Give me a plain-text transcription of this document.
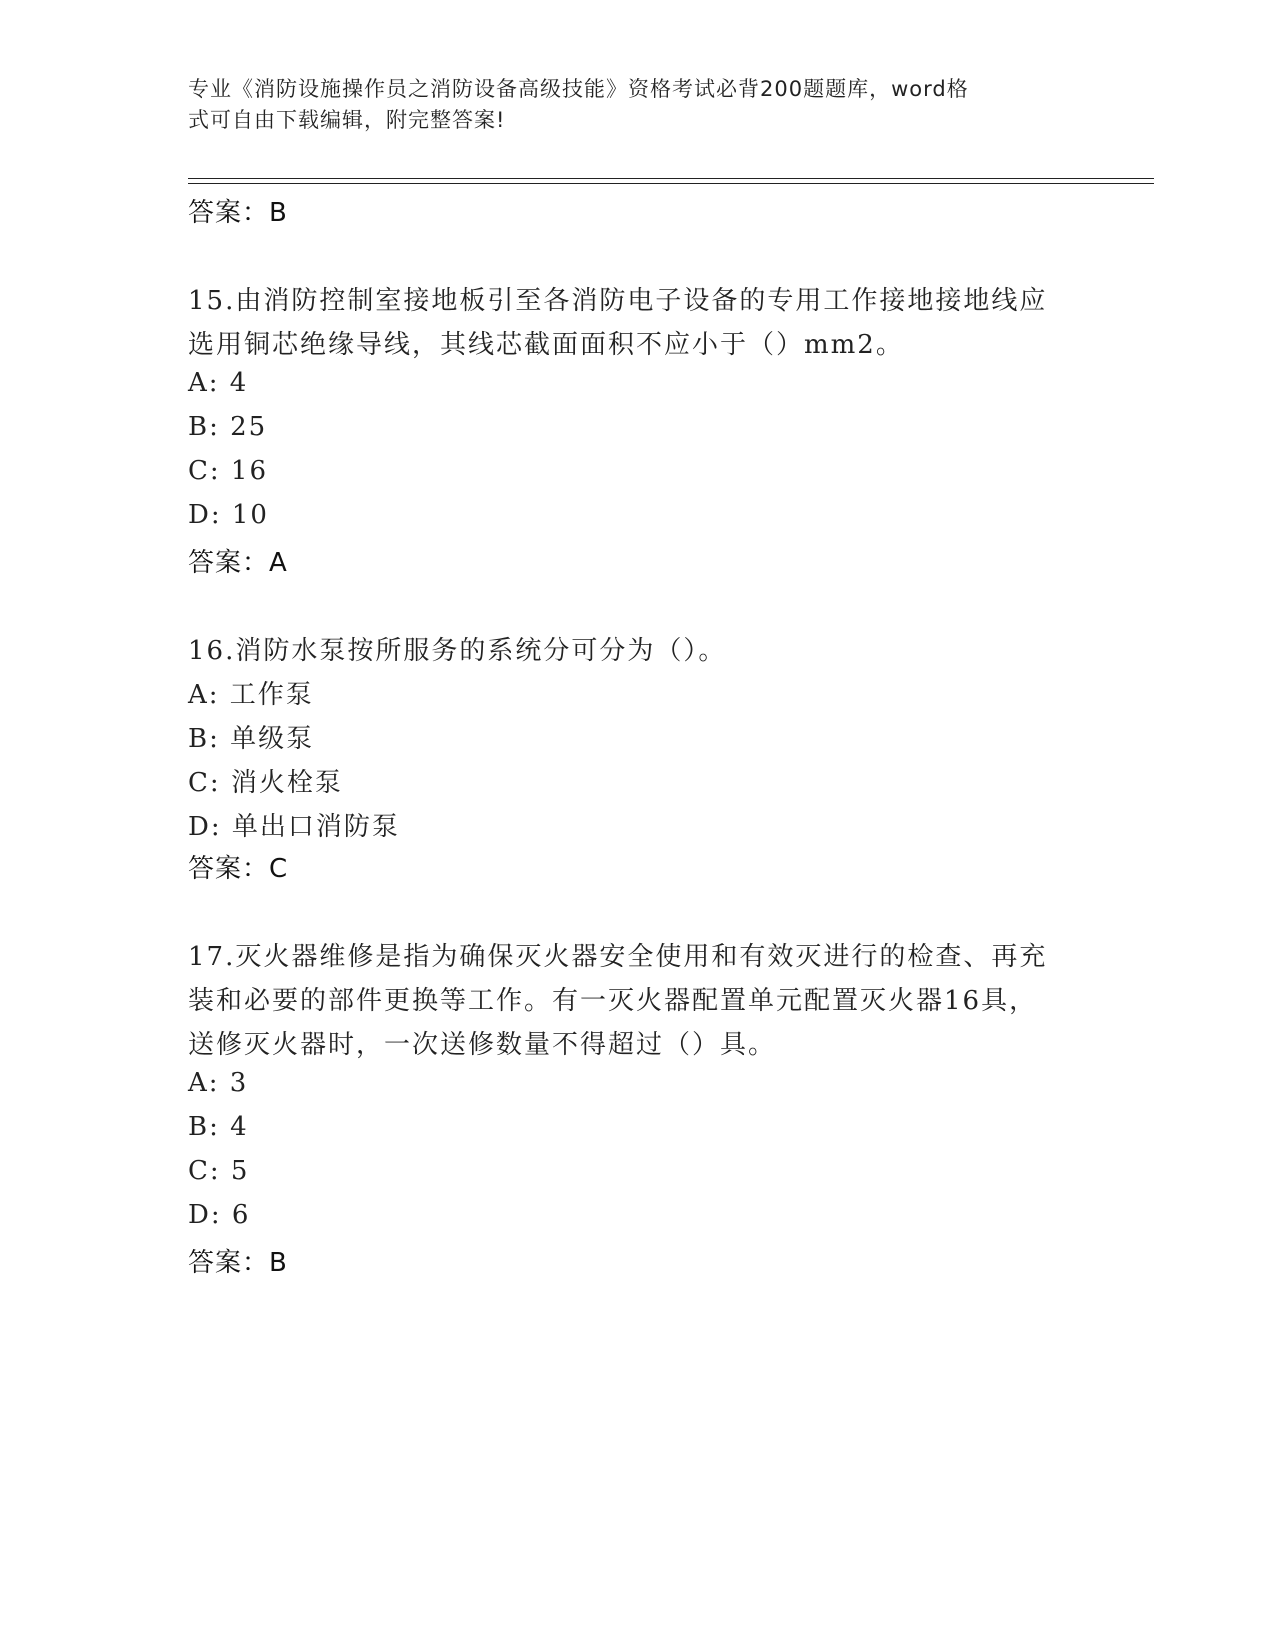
专业《消防设施操作员之消防设备高级技能》资格考试必背200题题库，word格
式可自由下载编辑，附完整答案!
答案：B
15.由消防控制室接地板引至各消防电子设备的专用工作接地接地线应
选用铜芯绝缘导线，其线芯截面面积不应小于（）mm2。
A: 4
B: 25
C: 16
D: 10
答案：A
16.消防水泵按所服务的系统分可分为（）。
A: 工作泵
B: 单级泵
C: 消火栓泵
D: 单出口消防泵
答案：C
17.灭火器维修是指为确保灭火器安全使用和有效灭进行的检查、再充
装和必要的部件更换等工作。有一灭火器配置单元配置灭火器16具，
送修灭火器时，一次送修数量不得超过（）具。
A: 3
B: 4
C: 5
D: 6
答案：B
